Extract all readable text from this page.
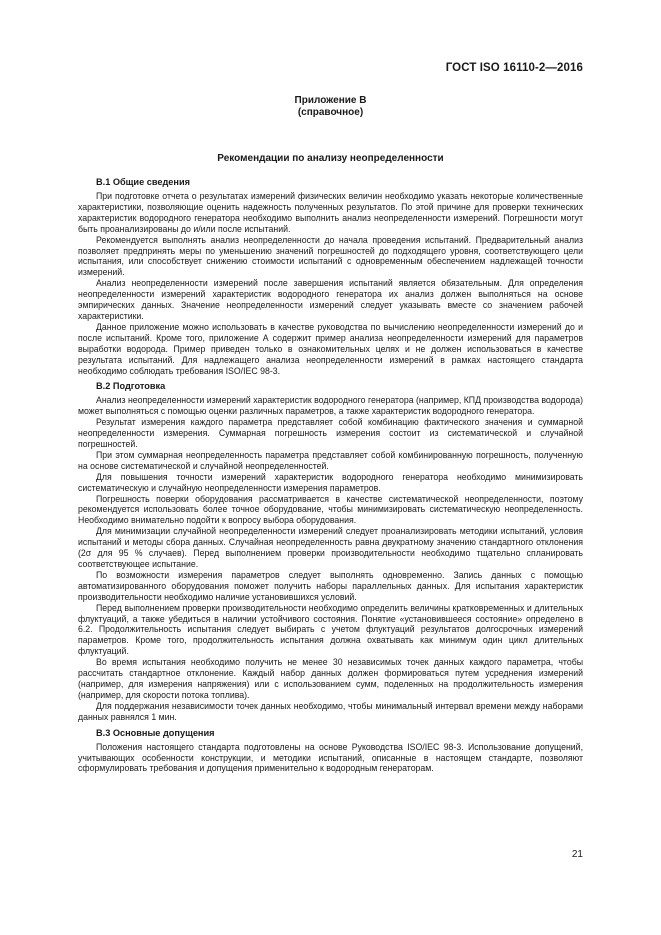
ГОСТ ISO 16110-2—2016
Приложение В
(справочное)
Рекомендации по анализу неопределенности
В.1 Общие сведения

При подготовке отчета о результатах измерений физических величин необходимо указать некоторые количественные характеристики, позволяющие оценить надежность полученных результатов. По этой причине для проверки технических характеристик водородного генератора необходимо выполнить анализ неопределенности измерений. Погрешности могут быть проанализированы до и/или после испытаний.

Рекомендуется выполнять анализ неопределенности до начала проведения испытаний. Предварительный анализ позволяет предпринять меры по уменьшению значений погрешностей до подходящего уровня, соответствующего цели испытания, или способствует снижению стоимости испытаний с одновременным обеспечением надлежащей точности измерений.

Анализ неопределенности измерений после завершения испытаний является обязательным. Для определения неопределенности измерений характеристик водородного генератора их анализ должен выполняться на основе эмпирических данных. Значение неопределенности измерений следует указывать вместе со значением рабочей характеристики.

Данное приложение можно использовать в качестве руководства по вычислению неопределенности измерений до и после испытаний. Кроме того, приложение А содержит пример анализа неопределенности измерений для параметров выработки водорода. Пример приведен только в ознакомительных целях и не должен использоваться в качестве результата испытаний. Для надлежащего анализа неопределенности измерений в рамках настоящего стандарта необходимо соблюдать требования ISO/IEC 98-3.

В.2 Подготовка

Анализ неопределенности измерений характеристик водородного генератора (например, КПД производства водорода) может выполняться с помощью оценки различных параметров, а также характеристик водородного генератора.

Результат измерения каждого параметра представляет собой комбинацию фактического значения и суммарной неопределенности измерения. Суммарная погрешность измерения состоит из систематической и случайной погрешностей.

При этом суммарная неопределенность параметра представляет собой комбинированную погрешность, полученную на основе систематической и случайной неопределенностей.

Для повышения точности измерений характеристик водородного генератора необходимо минимизировать систематическую и случайную неопределенности измерения параметров.

Погрешность поверки оборудования рассматривается в качестве систематической неопределенности, поэтому рекомендуется использовать более точное оборудование, чтобы минимизировать систематическую неопределенность. Необходимо внимательно подойти к вопросу выбора оборудования.

Для минимизации случайной неопределенности измерений следует проанализировать методики испытаний, условия испытаний и методы сбора данных. Случайная неопределенность равна двукратному значению стандартного отклонения (2σ для 95 % случаев). Перед выполнением проверки производительности необходимо тщательно спланировать соответствующее испытание.

По возможности измерения параметров следует выполнять одновременно. Запись данных с помощью автоматизированного оборудования поможет получить наборы параллельных данных. Для испытания характеристик производительности необходимо наличие установившихся условий.

Перед выполнением проверки производительности необходимо определить величины кратковременных и длительных флуктуаций, а также убедиться в наличии устойчивого состояния. Понятие «установившееся состояние» определено в 6.2. Продолжительность испытания следует выбирать с учетом флуктуаций результатов долгосрочных измерений параметров. Кроме того, продолжительность испытания должна охватывать как минимум один цикл длительных флуктуаций.

Во время испытания необходимо получить не менее 30 независимых точек данных каждого параметра, чтобы рассчитать стандартное отклонение. Каждый набор данных должен формироваться путем усреднения измерений (например, для измерения напряжения) или с использованием сумм, поделенных на продолжительность измерения (например, для скорости потока топлива).

Для поддержания независимости точек данных необходимо, чтобы минимальный интервал времени между наборами данных равнялся 1 мин.

В.3 Основные допущения

Положения настоящего стандарта подготовлены на основе Руководства ISO/IEC 98-3. Использование допущений, учитывающих особенности конструкции, и методики испытаний, описанные в настоящем стандарте, позволяют сформулировать требования и допущения применительно к водородным генераторам.

21
